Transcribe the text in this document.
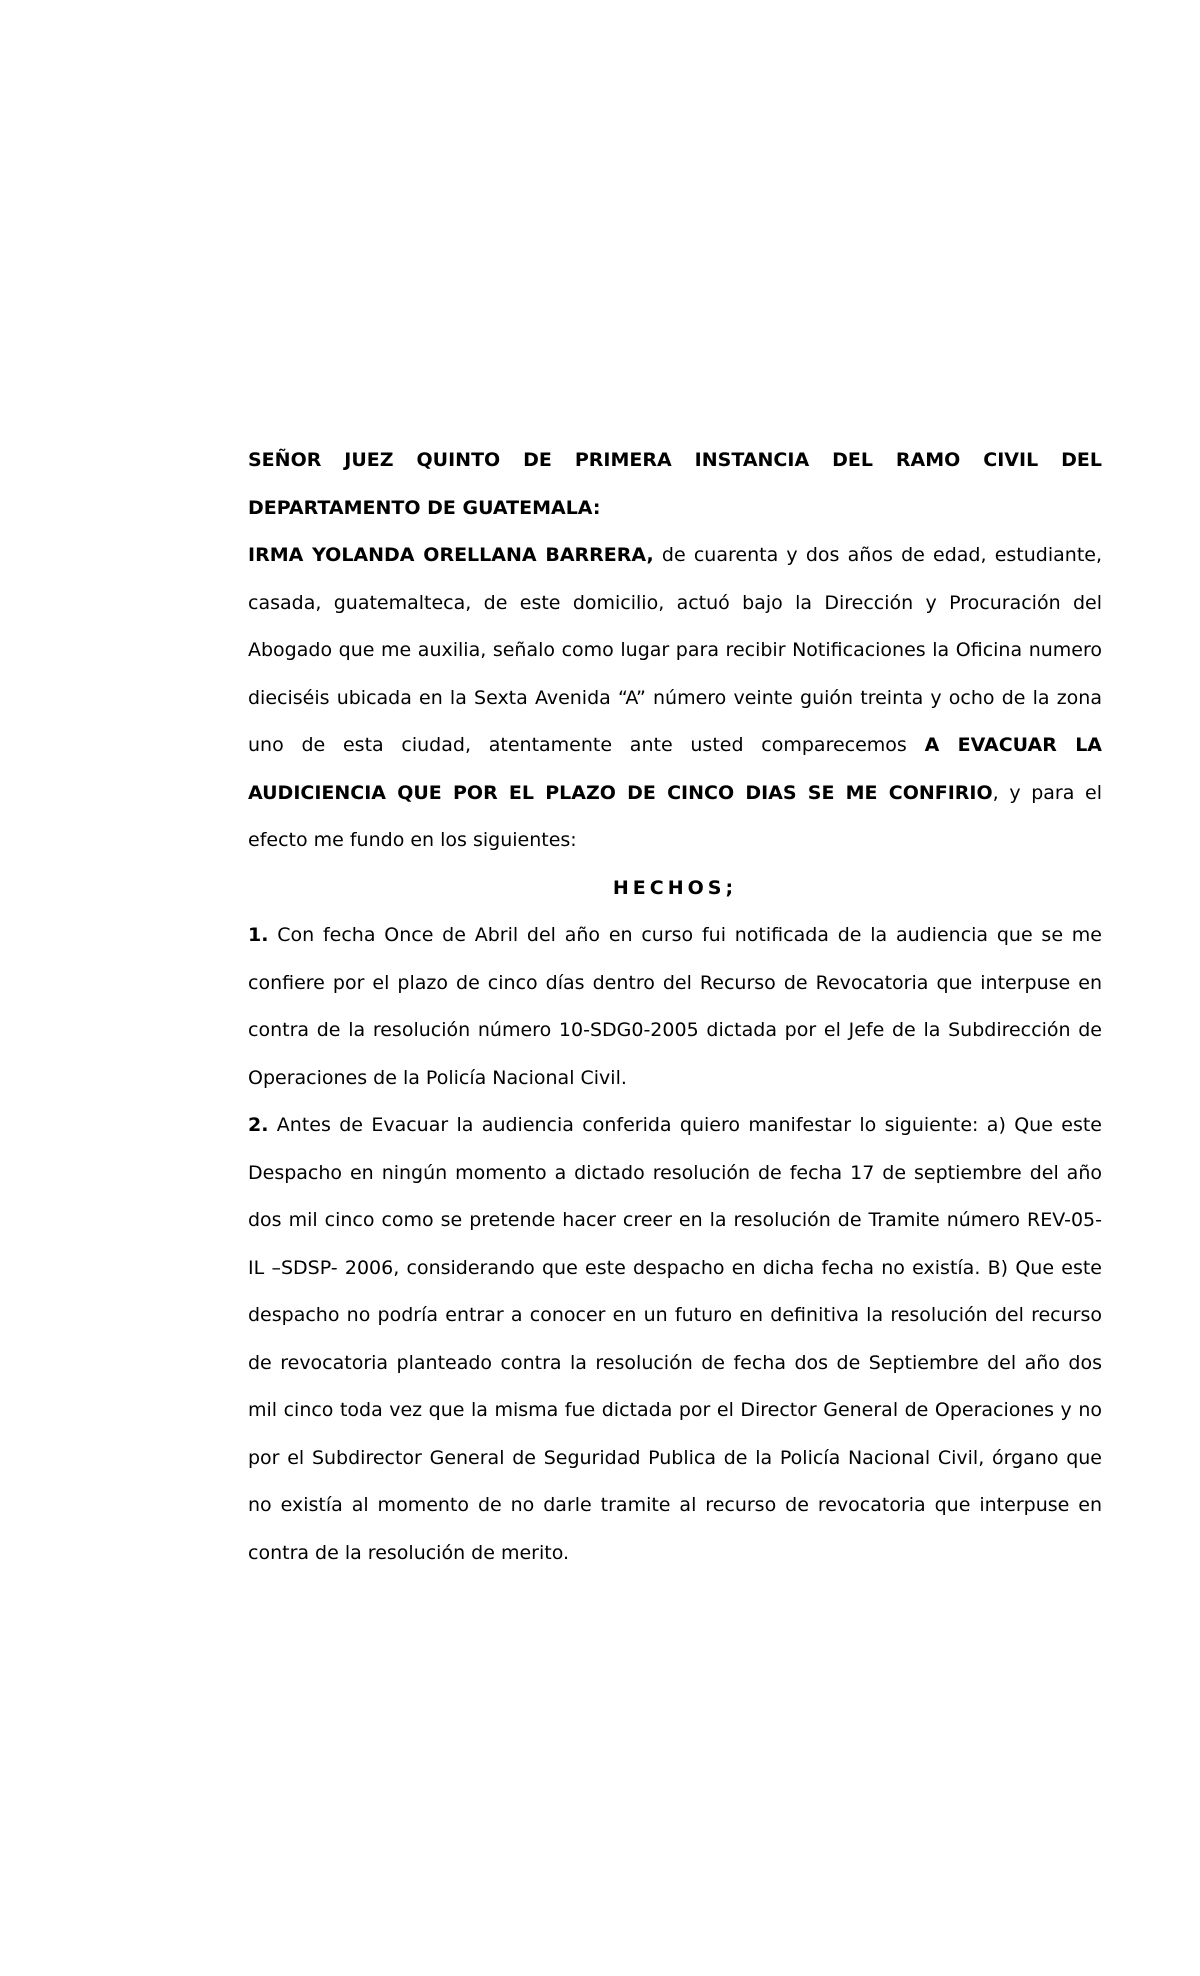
SEÑOR JUEZ QUINTO DE PRIMERA INSTANCIA DEL RAMO CIVIL DEL DEPARTAMENTO DE GUATEMALA:

IRMA YOLANDA ORELLANA BARRERA, de cuarenta y dos años de edad, estudiante, casada, guatemalteca, de este domicilio, actuó bajo la Dirección y Procuración del Abogado que me auxilia, señalo como lugar para recibir Notificaciones la Oficina numero dieciséis ubicada en la Sexta Avenida “A” número veinte guión treinta y ocho de la zona uno de esta ciudad, atentamente ante usted comparecemos A EVACUAR LA AUDICIENCIA QUE POR EL PLAZO DE CINCO DIAS SE ME CONFIRIO, y para el efecto me fundo en los siguientes:

HECHOS;

1. Con fecha Once de Abril del año en curso fui notificada de la audiencia que se me confiere por el plazo de cinco días dentro del Recurso de Revocatoria que interpuse en contra de la resolución número 10-SDG0-2005 dictada por el Jefe de la Subdirección de Operaciones de la Policía Nacional Civil.

2. Antes de Evacuar la audiencia conferida quiero manifestar lo siguiente: a) Que este Despacho en ningún momento a dictado resolución de fecha 17 de septiembre del año dos mil cinco como se pretende hacer creer en la resolución de Tramite número REV-05-IL –SDSP- 2006, considerando que este despacho en dicha fecha no existía. B) Que este despacho no podría entrar a conocer en un futuro en definitiva la resolución del recurso de revocatoria planteado contra la resolución de fecha dos de Septiembre del año dos mil cinco toda vez que la misma fue dictada por el Director General de Operaciones y no por el Subdirector General de Seguridad Publica de la Policía Nacional Civil, órgano que no existía al momento de no darle tramite al recurso de revocatoria que interpuse en contra de la resolución de merito.
